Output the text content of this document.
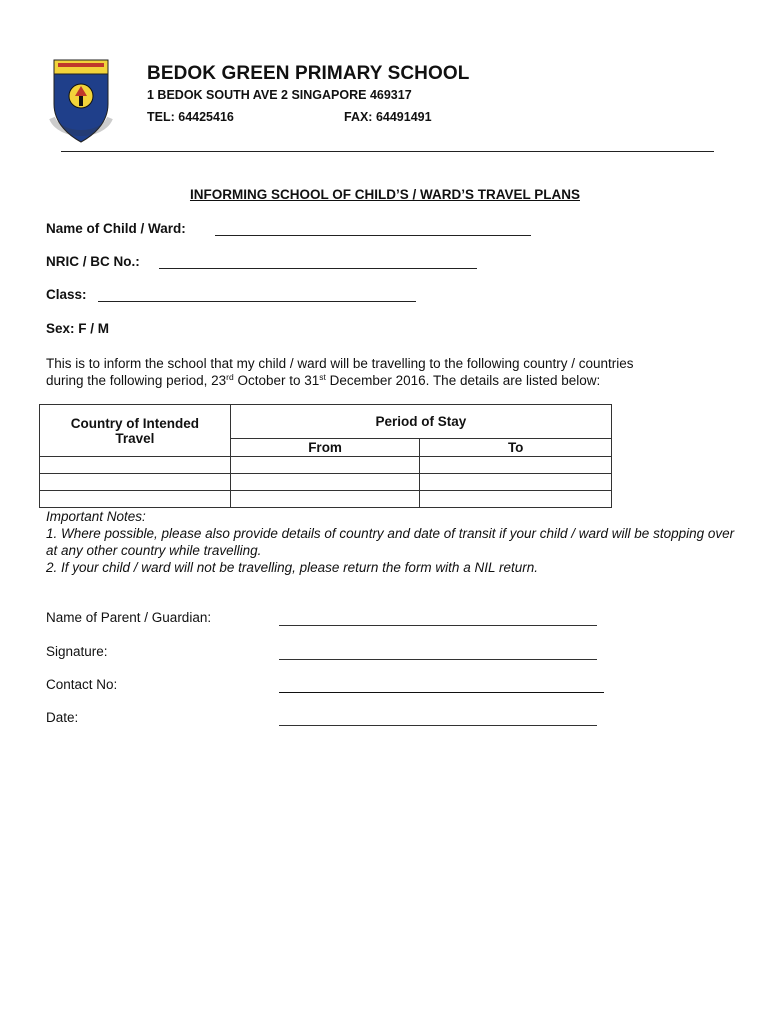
BEDOK GREEN PRIMARY SCHOOL
1 BEDOK SOUTH AVE 2 SINGAPORE 469317
TEL: 64425416	FAX: 64491491
INFORMING SCHOOL OF CHILD’S / WARD’S TRAVEL PLANS
Name of Child / Ward:
NRIC / BC No.:
Class:
Sex: F / M
This is to inform the school that my child / ward will be travelling to the following country / countries
during the following period, 23rd October to 31st December 2016. The details are listed below:
Country of Intended Travel	Period of Stay	
	From	To

Important Notes:
1. Where possible, please also provide details of country and date of transit if your child / ward will be stopping over at any other country while travelling.
2. If your child / ward will not be travelling, please return the form with a NIL return.
Name of Parent / Guardian:
Signature:
Contact No:
Date:
